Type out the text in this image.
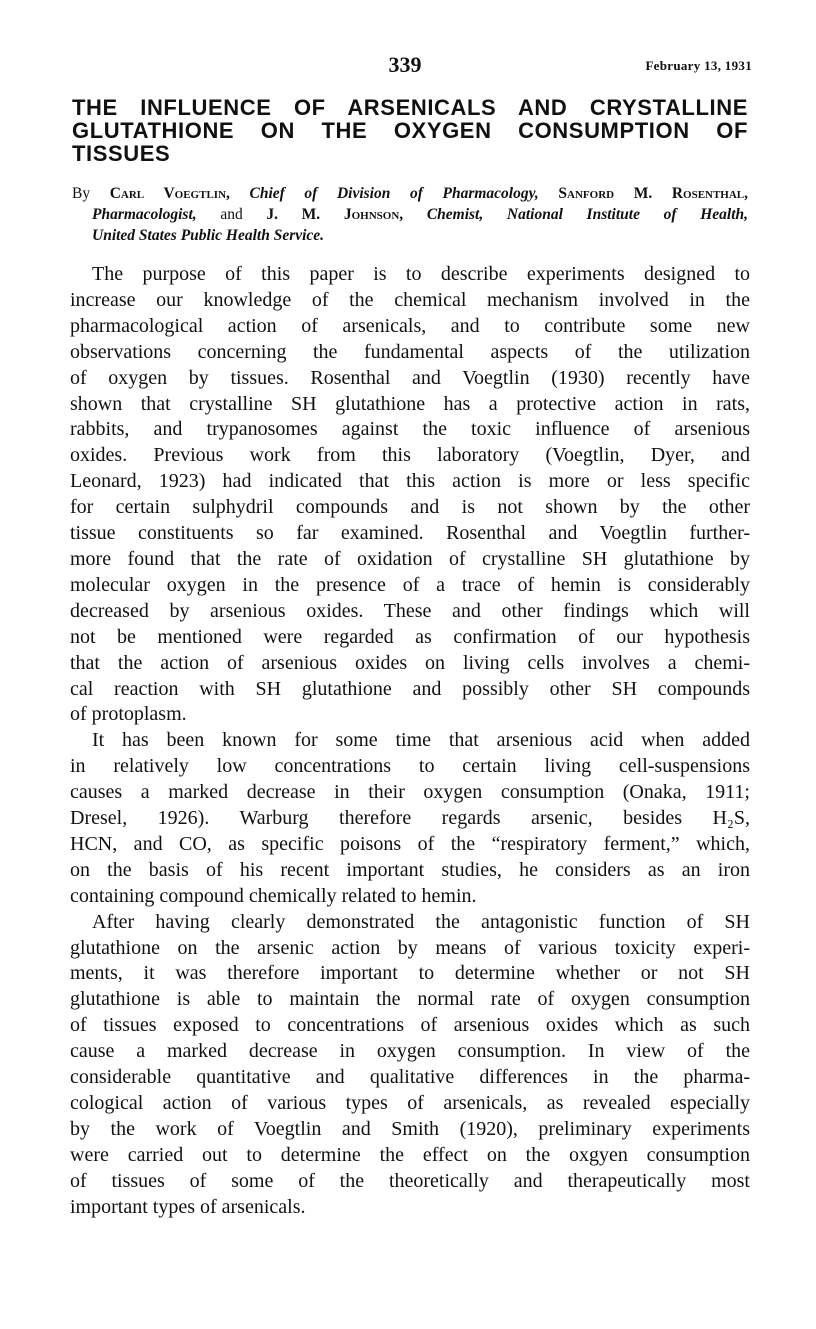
339	February 13, 1931
THE INFLUENCE OF ARSENICALS AND CRYSTALLINE
GLUTATHIONE ON THE OXYGEN CONSUMPTION OF
TISSUES
By Carl Voegtlin, Chief of Division of Pharmacology, Sanford M. Rosenthal,
Pharmacologist, and J. M. Johnson, Chemist, National Institute of Health,
United States Public Health Service.
The purpose of this paper is to describe experiments designed to
increase our knowledge of the chemical mechanism involved in the
pharmacological action of arsenicals, and to contribute some new
observations concerning the fundamental aspects of the utilization
of oxygen by tissues. Rosenthal and Voegtlin (1930) recently have
shown that crystalline SH glutathione has a protective action in rats,
rabbits, and trypanosomes against the toxic influence of arsenious
oxides. Previous work from this laboratory (Voegtlin, Dyer, and
Leonard, 1923) had indicated that this action is more or less specific
for certain sulphydril compounds and is not shown by the other
tissue constituents so far examined. Rosenthal and Voegtlin further-
more found that the rate of oxidation of crystalline SH glutathione by
molecular oxygen in the presence of a trace of hemin is considerably
decreased by arsenious oxides. These and other findings which will
not be mentioned were regarded as confirmation of our hypothesis
that the action of arsenious oxides on living cells involves a chemi-
cal reaction with SH glutathione and possibly other SH compounds
of protoplasm.
It has been known for some time that arsenious acid when added
in relatively low concentrations to certain living cell-suspensions
causes a marked decrease in their oxygen consumption (Onaka, 1911;
Dresel, 1926). Warburg therefore regards arsenic, besides H₂S,
HCN, and CO, as specific poisons of the “respiratory ferment,” which,
on the basis of his recent important studies, he considers as an iron
containing compound chemically related to hemin.
After having clearly demonstrated the antagonistic function of SH
glutathione on the arsenic action by means of various toxicity experi-
ments, it was therefore important to determine whether or not SH
glutathione is able to maintain the normal rate of oxygen consumption
of tissues exposed to concentrations of arsenious oxides which as such
cause a marked decrease in oxygen consumption. In view of the
considerable quantitative and qualitative differences in the pharma-
cological action of various types of arsenicals, as revealed especially
by the work of Voegtlin and Smith (1920), preliminary experiments
were carried out to determine the effect on the oxgyen consumption
of tissues of some of the theoretically and therapeutically most
important types of arsenicals.
